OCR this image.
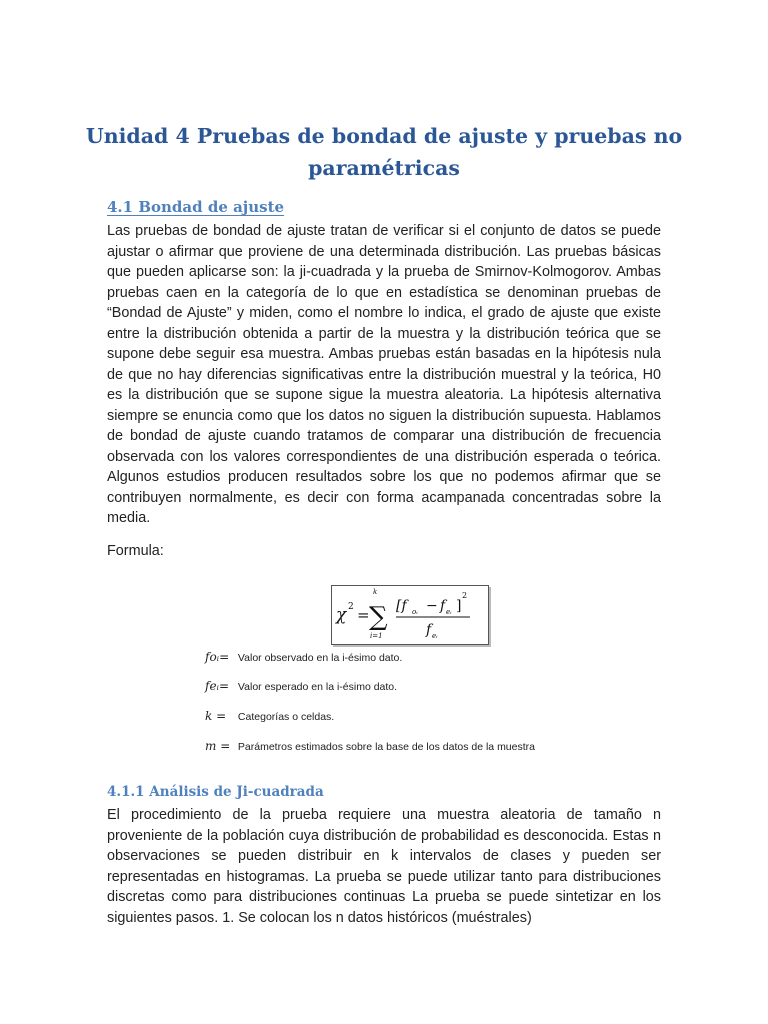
Unidad 4 Pruebas de bondad de ajuste y pruebas no paramétricas
4.1 Bondad de ajuste

Las pruebas de bondad de ajuste tratan de verificar si el conjunto de datos se puede ajustar o afirmar que proviene de una determinada distribución. Las pruebas básicas que pueden aplicarse son: la ji-cuadrada y la prueba de Smirnov-Kolmogorov. Ambas pruebas caen en la categoría de lo que en estadística se denominan pruebas de “Bondad de Ajuste” y miden, como el nombre lo indica, el grado de ajuste que existe entre la distribución obtenida a partir de la muestra y la distribución teórica que se supone debe seguir esa muestra. Ambas pruebas están basadas en la hipótesis nula de que no hay diferencias significativas entre la distribución muestral y la teórica, H0 es la distribución que se supone sigue la muestra aleatoria. La hipótesis alternativa siempre se enuncia como que los datos no siguen la distribución supuesta. Hablamos de bondad de ajuste cuando tratamos de comparar una distribución de frecuencia observada con los valores correspondientes de una distribución esperada o teórica. Algunos estudios producen resultados sobre los que no podemos afirmar que se contribuyen normalmente, es decir con forma acampanada concentradas sobre la media.

Formula:

χ 2 =
k
∑
i=1
[f oᵢ − f eᵢ ]
2
f eᵢ
foᵢ= Valor observado en la i-ésimo dato.
feᵢ= Valor esperado en la i-ésimo dato.
k = Categorías o celdas.
m = Parámetros estimados sobre la base de los datos de la muestra
4.1.1 Análisis de Ji-cuadrada

El procedimiento de la prueba requiere una muestra aleatoria de tamaño n proveniente de la población cuya distribución de probabilidad es desconocida. Estas n observaciones se pueden distribuir en k intervalos de clases y pueden ser representadas en histogramas. La prueba se puede utilizar tanto para distribuciones discretas como para distribuciones continuas La prueba se puede sintetizar en los siguientes pasos. 1. Se colocan los n datos históricos (muéstrales)
